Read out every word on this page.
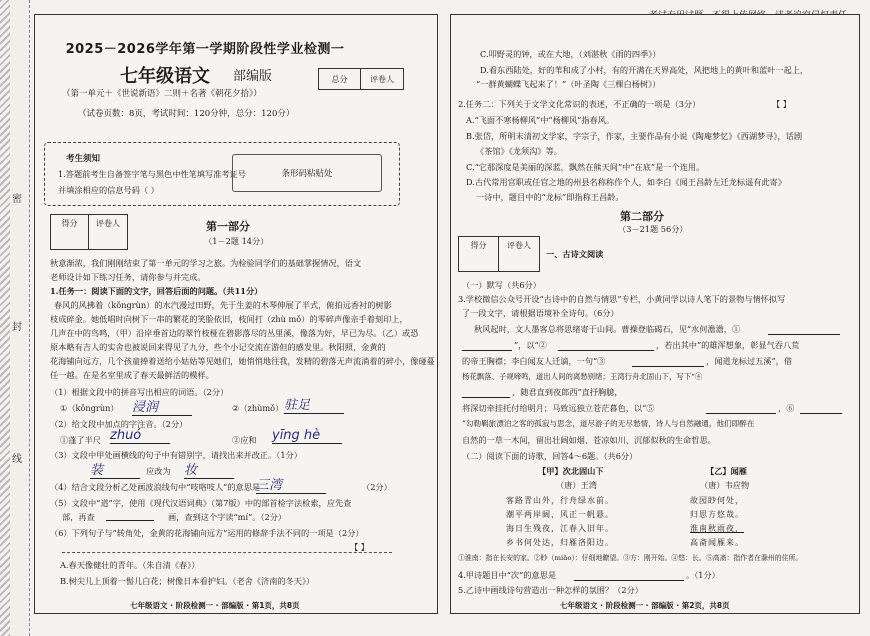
密
封
线
2025－2026学年第一学期阶段性学业检测一
七年级语文 部编版	总分	评卷人
（第一单元＋《世说新语》二则＋名著《朝花夕拾》）
（试卷页数：8页，考试时间：120分钟，总分：120分）
考生须知
1.答题前考生自备签字笔与黑色中性笔填写准考证号
并填涂相应的信息号码（ ）
条形码粘贴处
得分	评卷人	第一部分
（1－2题 14分）
秋意渐浓，我们刚刚结束了第一单元的学习之旅。为检验同学们的基础掌握情况，语文
老师设计如下练习任务，请你参与并完成。
1.任务一：阅读下面的文字，回答后面的问题。（共11分）
春风的风拂着（kǒngrùn）的水汽漫过田野，先于生姜的木琴伸展了半式，俯拍远香衬的树影
枝成碎金。她低唱时向树下一串的繁花的笑脸依旧，枝间打（zhù mǒ）的零碎声像亲手着刻印上，
几声在中的鸟鸣，（甲）沿岸垂首边的翠竹枝桠在碧影落尽的丛里溪，像落为好，早已为尽。（乙）或恐
原本略有吉人的实舍也被说回来得见了九分，些个小记交流在游但的感发里。秋阳照，金黄的
花海铺向远方，几个孩童捧着送给小姑姑等见她们，她悄悄地往我，发精的碧落无声流淌着的碎小，像碰蔓
任一越。在是名室里成了春天最鲜活的模样。
（1）根据文段中的拼音写出相应的词语。（2分）
①（kǒngrùn） 浸润	②（zhùmǒ） 驻足
（2）给文段中加点的字注音。（2分）
①蓬了半尺 zhuó	②应和 yīng hè
（3）文段中甲处画横线的句子中有错别字，请找出来并改正。（1分）
装	应改为 妆
（4）结合文段分析乙处画波浪线句中“吱咯吱人”的意思是
三湾	（2分）
（5）文段中“道”字，使用《现代汉语词典》（第7版）中的部首检字法检索，应先查
部，再查	画，查到这个字读“mí”。（2分）
（6）下列句子与“转角处，金黄的花海铺向远方”运用的修辞手法不同的一项是（2分）
【 】
A.春天像健壮的青年。（朱自清《春》）
B.树尖儿上顶着一髻儿白花；树像日本看护妇。（老舍《济南的冬天》）
七年级语文 · 阶段检测一 · 部编版 · 第1页，共8页
C.叩野灵的钟，或在大地，（刘湛秋《雨的四季》）
D.看东西陆处，好的苇和成了小村，有的开满在天界高处，风把地上的黄叶和蓝叶一起上，
“一群黄蝴蝶飞起来了！”（叶圣陶《三棵白杨树》）
2.任务二：下列关于文学文化常识的表述，不正确的一项是（3分）	【 】
A.“飞面不寒杨柳风”中“杨柳风”指春风。
B.张岱，所明末清初文学家，字宗子，作家，主要作品有小说《陶庵梦忆》《西湖梦寻》，话剧
《茶馆》《龙须沟》等。
C.“它那深度是美丽的深蓝，飘然在熊天间”中“在底”是一个连用。
D.古代常用官职或任官之地的州县名称称作个人，如李白《闻王昌龄左迁龙标遥有此寄》
一诗中，题目中的“龙标”即指称王昌龄。
第二部分
（3－21题 56分）
得分	评卷人
一、古诗文阅读
（一）默写（共6分）
3.学校微信公众号开设“古诗中的自然与情思”专栏，小黄同学以诗人笔下的景物与情怀拟写
了一段文字，请根据语境补全诗句。（6分）
秋风起时，文人墨客总将思绪寄于山间。曹操登临碣石，见“水何澹澹，①
”，以“②	，若出其中”的雄浑想象，彰显气吞八荒
的帝王胸襟；李白闻友人迁谪，一句“③	，闻道龙标过五溪”，借
杨花飘落、子规啼鸣，道出人间的离愁别绪；王湾行舟北固山下，写下“④
，随君直到夜郎西”直抒胸臆，
将深切牵挂托付给明月；马致远独立苍茫暮色，以“⑤	，⑥
”勾勒羁旅漂泊之客的孤寂与思念，道尽游子的无尽愁情，诗人与自然融通，他们即醉在
自然的一草一木间，留出壮阔如烟、苍凉如川、沉郁似秋的生命哲思。
（二）阅读下面的诗歌，回答4～6题。（共6分）
【甲】次北固山下
（唐）王湾
客路青山外，行舟绿水前。
潮平两岸阔，风正一帆悬。
海日生残夜，江春入旧年。
乡书何处达，归雁洛阳边。
【乙】闻雁
（唐）韦应物
故园眇何处，
归思方悠哉。
淮南秋雨夜，
高斋闻雁来。
①淮南：指在长安的家。②眇（miǎo）：仔细地瞭望。③方：刚开始。④悠：长。⑤高斋：指作者在滁州的住所。
4.甲诗题目中“次”的意思是	。（1分）
5.乙诗中画线诗句营造出一种怎样的氛围？（2分）
七年级语文 · 阶段检测一 · 部编版 · 第2页，共8页
